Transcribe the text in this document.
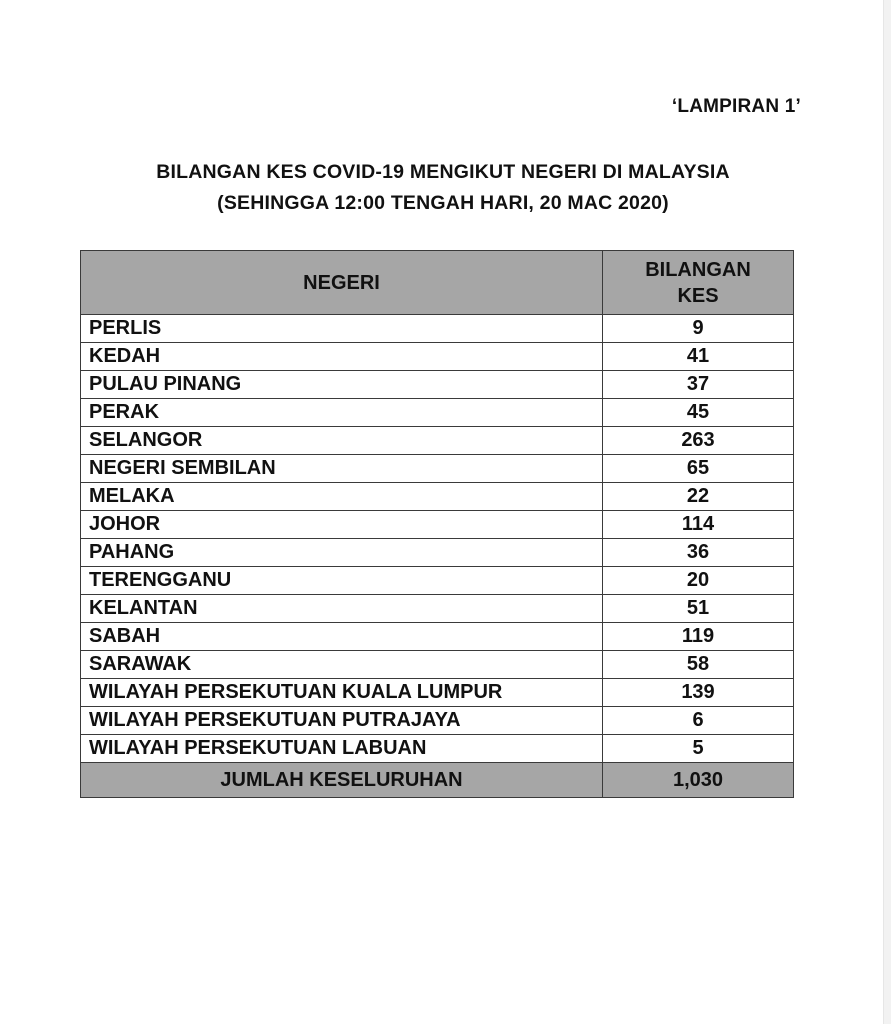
‘LAMPIRAN 1’
BILANGAN KES COVID-19 MENGIKUT NEGERI DI MALAYSIA
(SEHINGGA 12:00 TENGAH HARI, 20 MAC 2020)
NEGERI	BILANGAN
KES

PERLIS	9
KEDAH	41
PULAU PINANG	37
PERAK	45
SELANGOR	263
NEGERI SEMBILAN	65
MELAKA	22
JOHOR	114
PAHANG	36
TERENGGANU	20
KELANTAN	51
SABAH	119
SARAWAK	58
WILAYAH PERSEKUTUAN KUALA LUMPUR	139
WILAYAH PERSEKUTUAN PUTRAJAYA	6
WILAYAH PERSEKUTUAN LABUAN	5
JUMLAH KESELURUHAN	1,030
